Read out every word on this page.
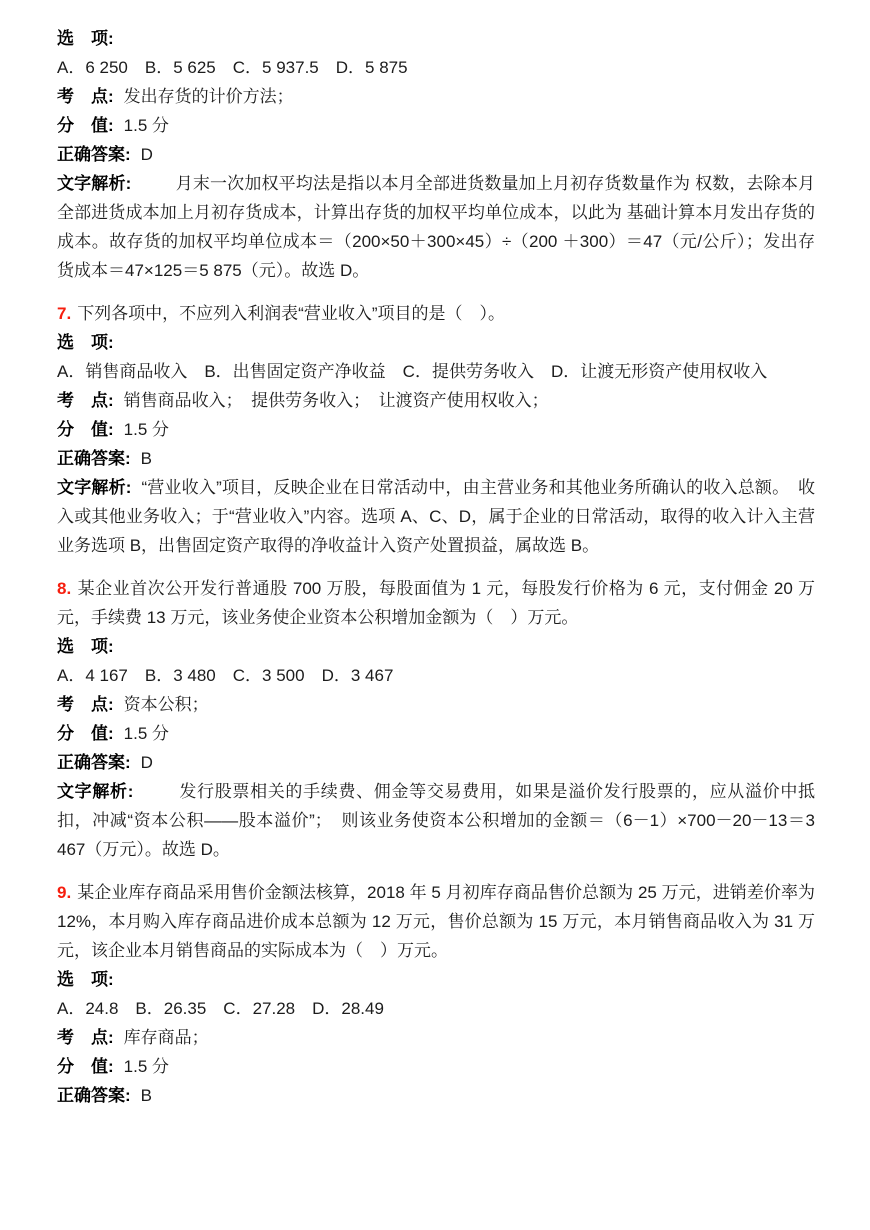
选　项:

A．6 250　B．5 625　C．5 937.5　D．5 875

考　点: 发出存货的计价方法；

分　值: 1.5 分

正确答案: D

文字解析:　　月末一次加权平均法是指以本月全部进货数量加上月初存货数量作为 权数，去除本月全部进货成本加上月初存货成本，计算出存货的加权平均单位成本，以此为 基础计算本月发出存货的成本。故存货的加权平均单位成本＝（200×50＋300×45）÷（200 ＋300）＝47（元/公斤）；发出存货成本＝47×125＝5 875（元）。故选 D。

7. 下列各项中，不应列入利润表“营业收入”项目的是（　）。

选　项:

A．销售商品收入　B．出售固定资产净收益　C．提供劳务收入　D．让渡无形资产使用权收入

考　点: 销售商品收入；　提供劳务收入；　让渡资产使用权收入；

分　值: 1.5 分

正确答案: B

文字解析: “营业收入”项目，反映企业在日常活动中，由主营业务和其他业务所确认的收入总额。　收入或其他业务收入；于“营业收入”内容。选项 A、C、D，属于企业的日常活动，取得的收入计入主营业务选项 B，出售固定资产取得的净收益计入资产处置损益，属故选 B。

8. 某企业首次公开发行普通股 700 万股，每股面值为 1 元，每股发行价格为 6 元，支付佣金 20 万元，手续费 13 万元，该业务使企业资本公积增加金额为（　）万元。

选　项:

A．4 167　B．3 480　C．3 500　D．3 467

考　点: 资本公积；

分　值: 1.5 分

正确答案: D

文字解析:　　发行股票相关的手续费、佣金等交易费用，如果是溢价发行股票的，应从溢价中抵扣，冲减“资本公积——股本溢价”；　则该业务使资本公积增加的金额＝（6－1）×700－20－13＝3 467（万元）。故选 D。

9. 某企业库存商品采用售价金额法核算，2018 年 5 月初库存商品售价总额为 25 万元，进销差价率为 12%，本月购入库存商品进价成本总额为 12 万元，售价总额为 15 万元，本月销售商品收入为 31 万元，该企业本月销售商品的实际成本为（　）万元。

选　项:

A．24.8　B．26.35　C．27.28　D．28.49

考　点: 库存商品；

分　值: 1.5 分

正确答案: B
